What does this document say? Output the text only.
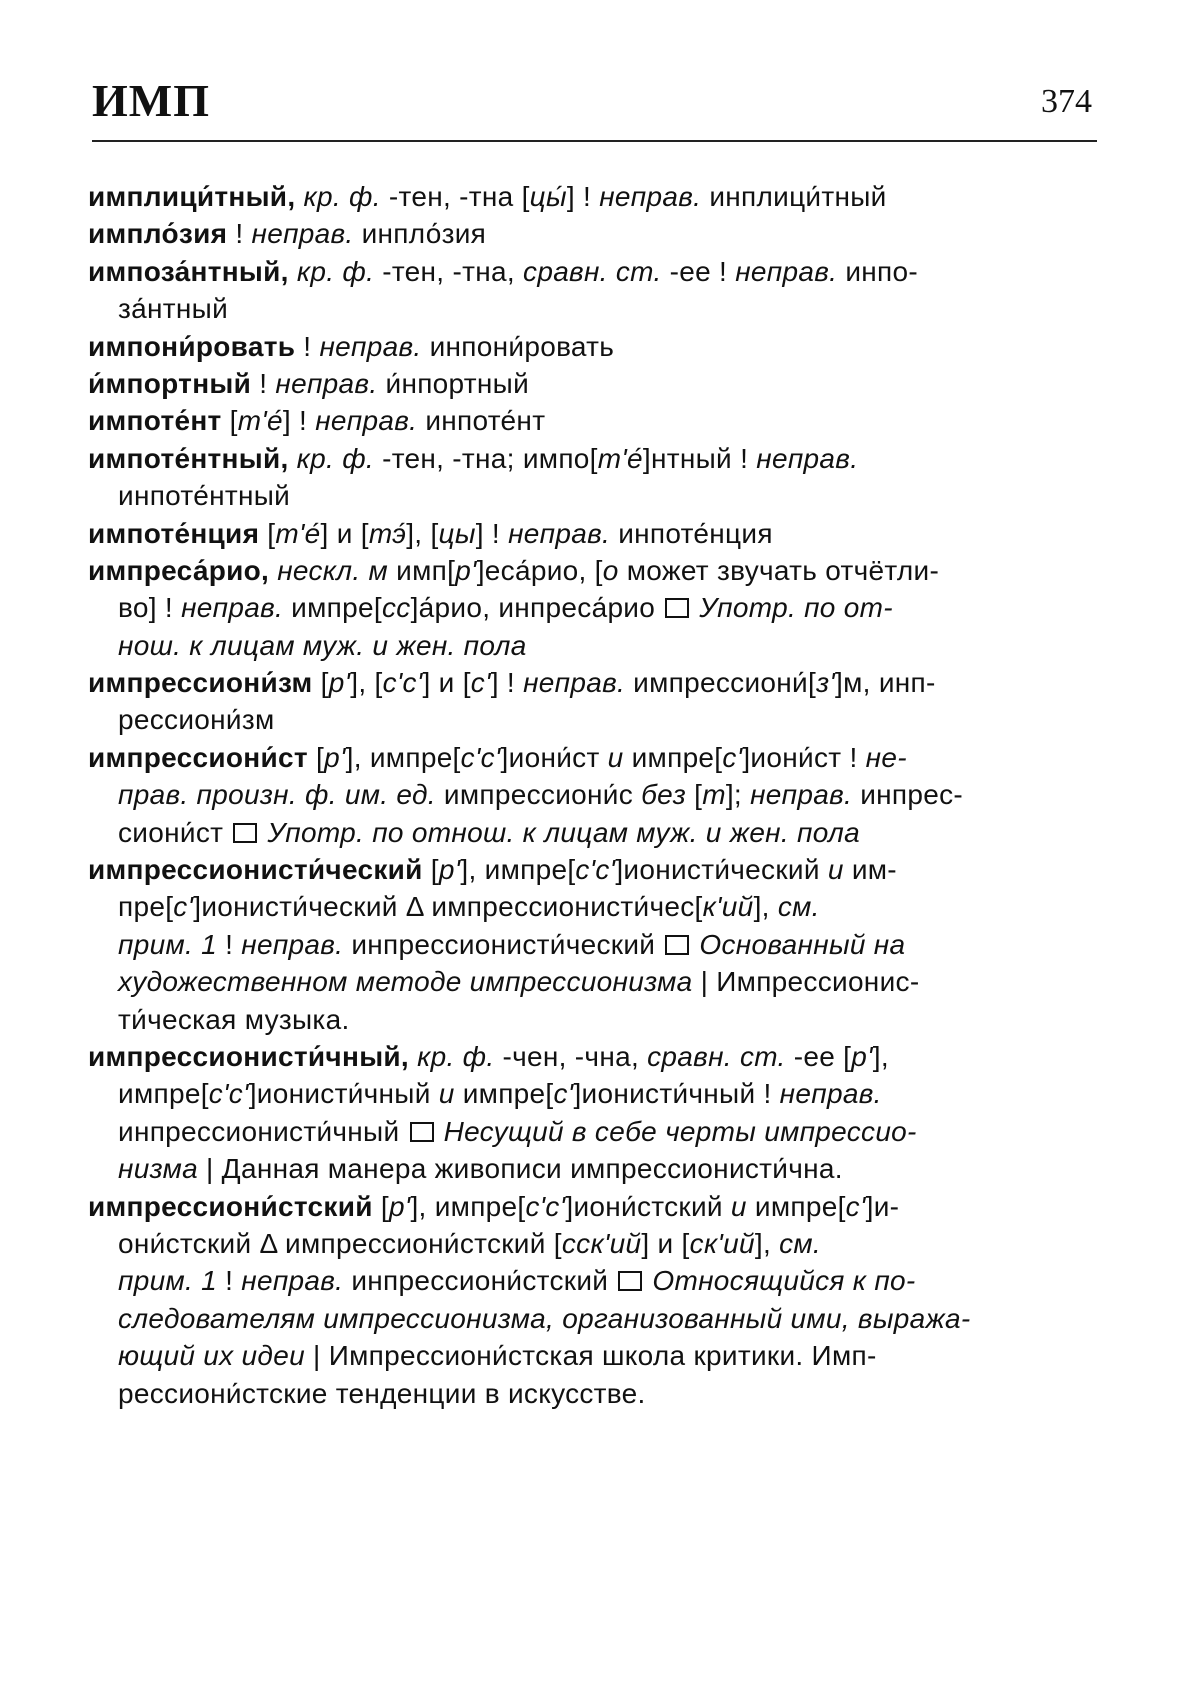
ИМП	374
имплици́тный, кр. ф. -тен, -тна [цы́] ! неправ. инплици́тный
импло́зия ! неправ. инпло́зия
импоза́нтный, кр. ф. -тен, -тна, сравн. ст. -ее ! неправ. инпо-
за́нтный
импони́ровать ! неправ. инпони́ровать
и́мпортный ! неправ. и́нпортный
импоте́нт [т'е́] ! неправ. инпоте́нт
импоте́нтный, кр. ф. -тен, -тна; импо[т'е́]нтный ! неправ.
инпоте́нтный
импоте́нция [т'е́] и [тэ́], [цы] ! неправ. инпоте́нция
импреса́рио, нескл. м имп[р']еса́рио, [о может звучать отчётли-
во] ! неправ. импре[сс]а́рио, инпреса́рио  Употр. по от-
нош. к лицам муж. и жен. пола
импрессиони́зм [р'], [с'с'] и [с'] ! неправ. импрессиони́[з']м, инп-
рессиони́зм
импрессиони́ст [р'], импре[с'с']иони́ст и импре[с']иони́ст ! не-
прав. произн. ф. им. ед. импрессиони́с без [т]; неправ. инпрес-
сиони́ст  Употр. по отнош. к лицам муж. и жен. пола
импрессионисти́ческий [р'], импре[с'с']ионисти́ческий и им-
пре[с']ионисти́ческий Δ импрессионисти́чес[к'ий], см.
прим. 1 ! неправ. инпрессионисти́ческий  Основанный на
художественном методе импрессионизма | Импрессионис-
ти́ческая музыка.
импрессионисти́чный, кр. ф. -чен, -чна, сравн. ст. -ее [р'],
импре[с'с']ионисти́чный и импре[с']ионисти́чный ! неправ.
инпрессионисти́чный  Несущий в себе черты импрессио-
низма | Данная манера живописи импрессионисти́чна.
импрессиони́стский [р'], импре[с'с']иони́стский и импре[с']и-
они́стский Δ импрессиони́стский [сск'ий] и [ск'ий], см.
прим. 1 ! неправ. инпрессиони́стский  Относящийся к по-
следователям импрессионизма, организованный ими, выража-
ющий их идеи | Импрессиони́стская школа критики. Имп-
рессиони́стские тенденции в искусстве.
